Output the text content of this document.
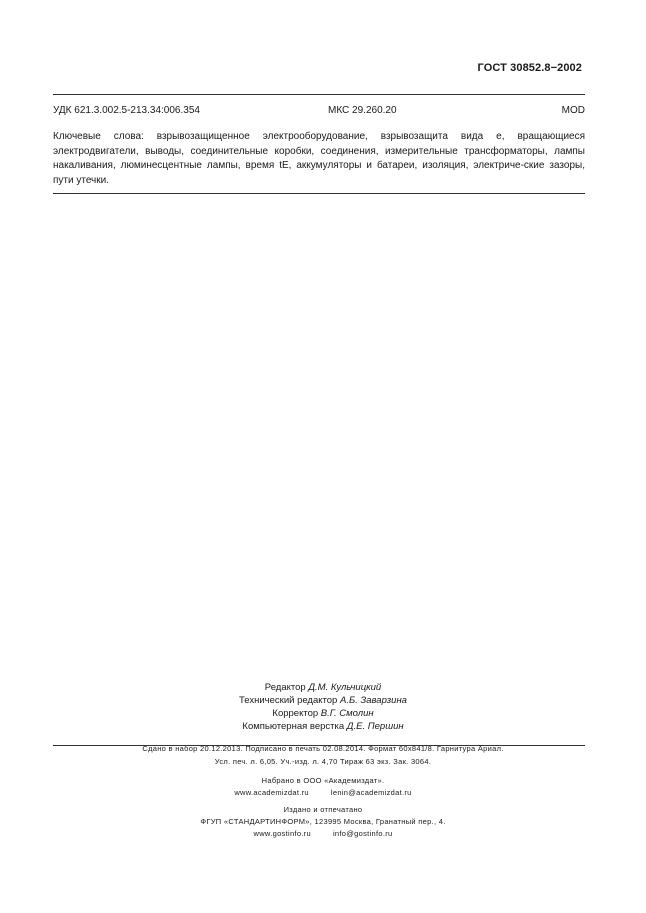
ГОСТ 30852.8−2002
УДК 621.3.002.5-213.34:006.354	МКС 29.260.20	MOD
Ключевые слова: взрывозащищенное электрооборудование, взрывозащита вида е, вращающиеся электродвигатели, выводы, соединительные коробки, соединения, измерительные трансформаторы, лампы накаливания, люминесцентные лампы, время tE, аккумуляторы и батареи, изоляция, электриче-ские зазоры, пути утечки.
Редактор Д.М. Кульчицкий
Технический редактор А.Б. Заварзина
Корректор В.Г. Смолин
Компьютерная верстка Д.Е. Першин
Сдано в набор 20.12.2013. Подписано в печать 02.08.2014. Формат 60x841/8. Гарнитура Ариал.
Усл. печ. л. 6,05. Уч.-изд. л. 4,70 Тираж 63 экз. Зак. 3064.
Набрано в ООО «Академиздат».
www.academizdat.ru	lenin@academizdat.ru
Издано и отпечатано
ФГУП «СТАНДАРТИНФОРМ», 123995 Москва, Гранатный пер., 4.
www.gostinfo.ru	info@gostinfo.ru
